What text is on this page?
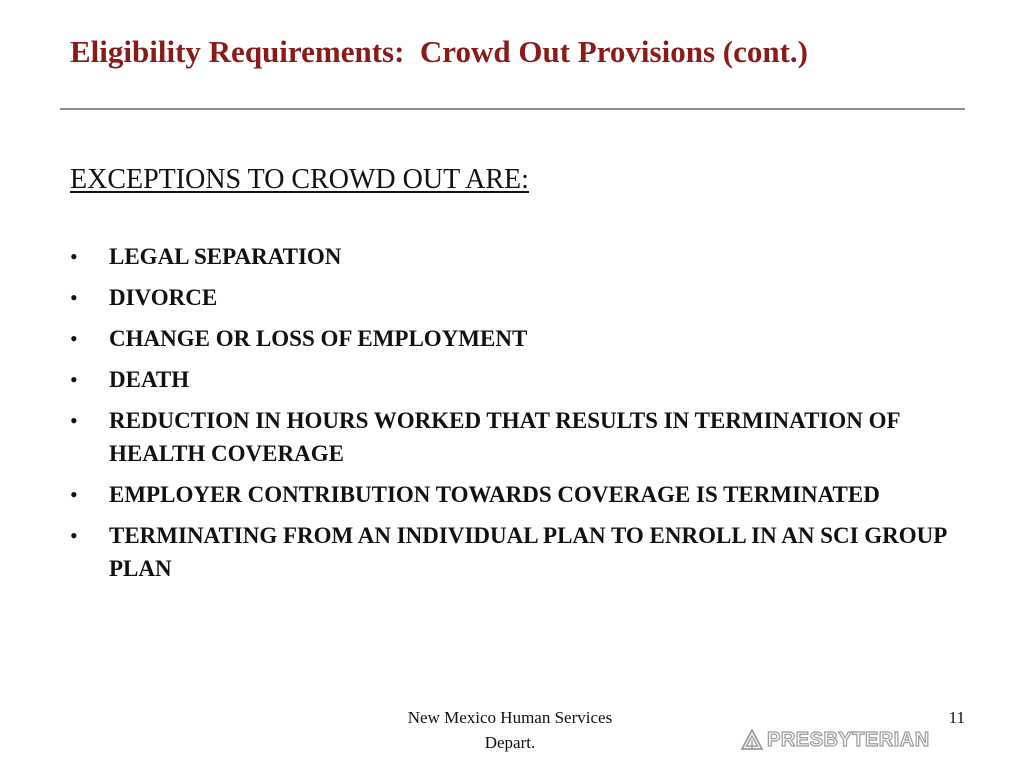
Eligibility Requirements:  Crowd Out Provisions (cont.)
EXCEPTIONS TO CROWD OUT ARE:
• LEGAL SEPARATION
• DIVORCE
• CHANGE OR LOSS OF EMPLOYMENT
• DEATH
• REDUCTION IN HOURS WORKED THAT RESULTS IN TERMINATION OF HEALTH COVERAGE
• EMPLOYER CONTRIBUTION TOWARDS COVERAGE IS TERMINATED
• TERMINATING FROM AN INDIVIDUAL PLAN TO ENROLL IN AN SCI GROUP PLAN
New Mexico Human Services
Depart.
11
PRESBYTERIAN
